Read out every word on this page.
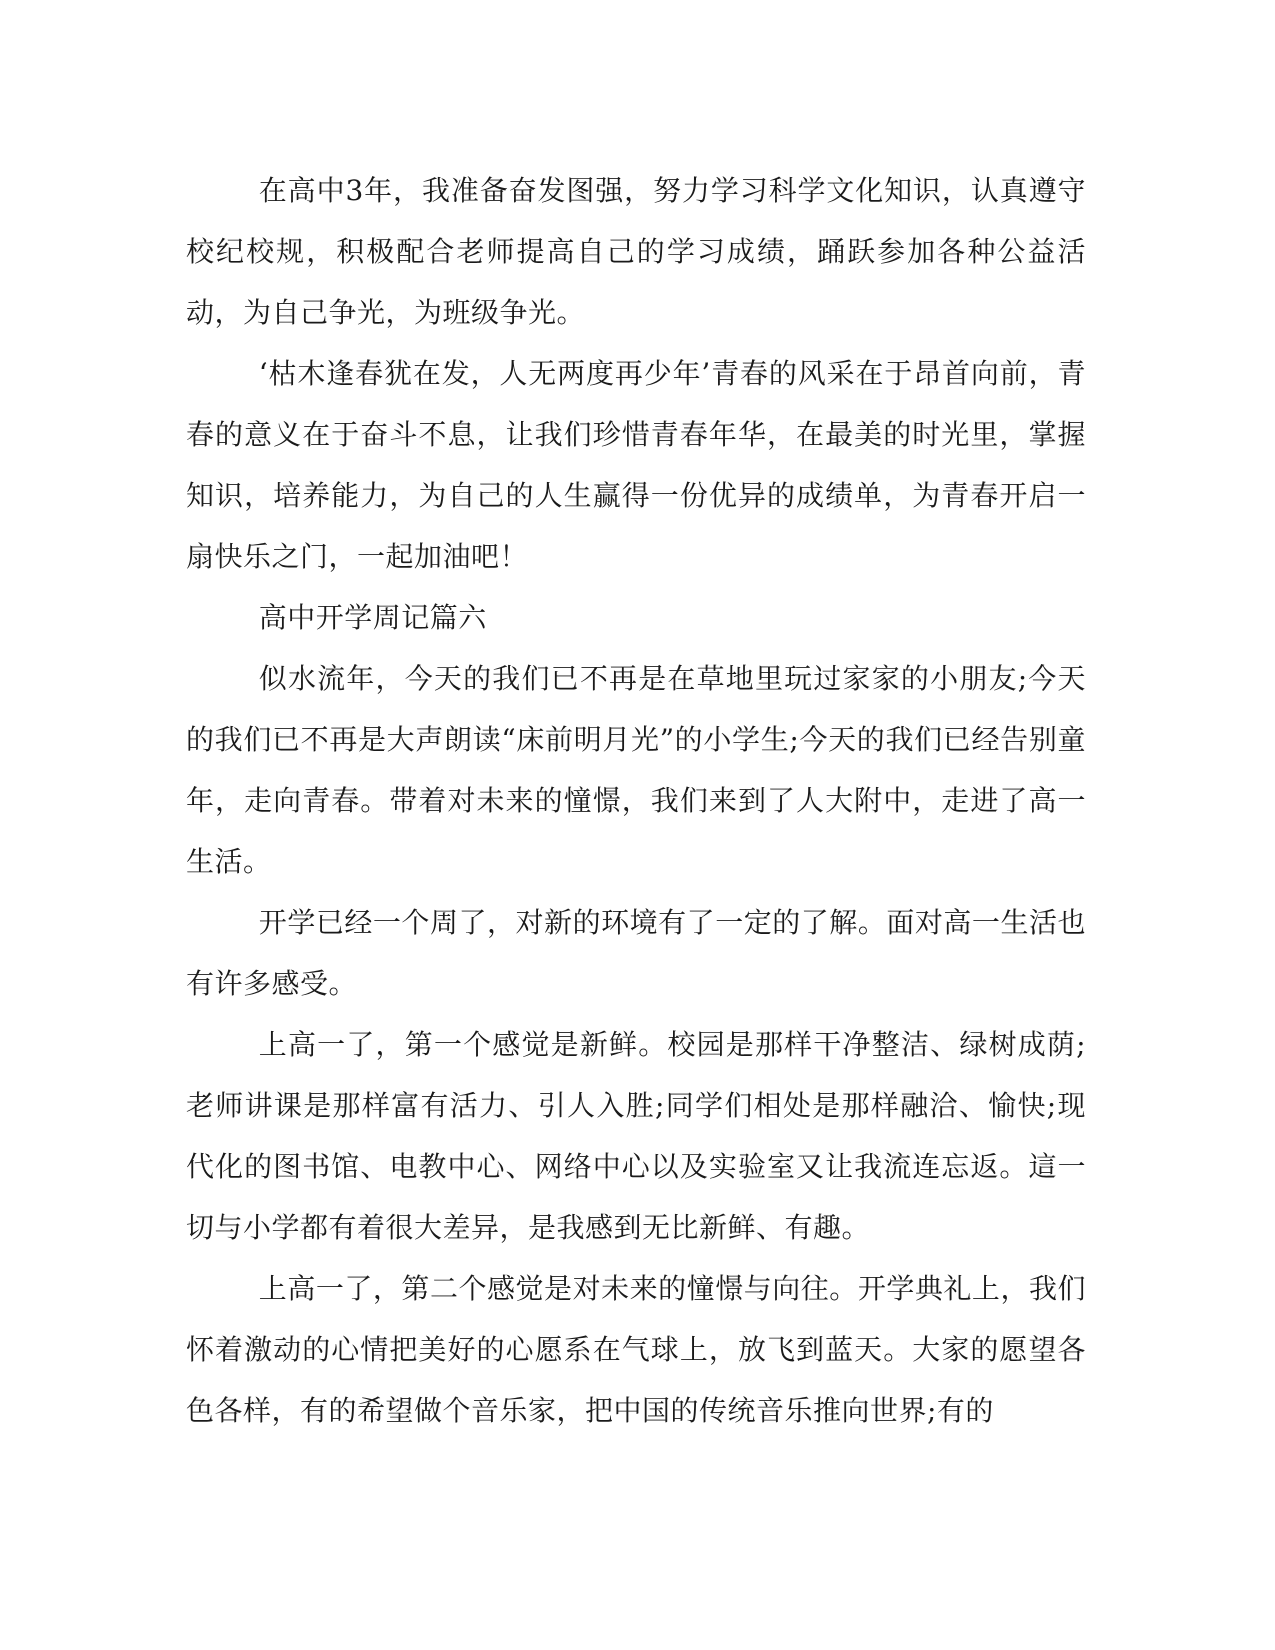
在高中3年，我准备奋发图强，努力学习科学文化知识，认真遵守校纪校规，积极配合老师提高自己的学习成绩，踊跃参加各种公益活动，为自己争光，为班级争光。

‘枯木逢春犹在发，人无两度再少年’青春的风采在于昂首向前，青春的意义在于奋斗不息，让我们珍惜青春年华，在最美的时光里，掌握知识，培养能力，为自己的人生赢得一份优异的成绩单，为青春开启一扇快乐之门，一起加油吧！

高中开学周记篇六

似水流年，今天的我们已不再是在草地里玩过家家的小朋友;今天的我们已不再是大声朗读“床前明月光”的小学生;今天的我们已经告别童年，走向青春。带着对未来的憧憬，我们来到了人大附中，走进了高一生活。

开学已经一个周了，对新的环境有了一定的了解。面对高一生活也有许多感受。

上高一了，第一个感觉是新鲜。校园是那样干净整洁、绿树成荫;老师讲课是那样富有活力、引人入胜;同学们相处是那样融洽、愉快;现代化的图书馆、电教中心、网络中心以及实验室又让我流连忘返。這一切与小学都有着很大差异，是我感到无比新鲜、有趣。

上高一了，第二个感觉是对未来的憧憬与向往。开学典礼上，我们怀着激动的心情把美好的心愿系在气球上，放飞到蓝天。大家的愿望各色各样，有的希望做个音乐家，把中国的传统音乐推向世界;有的
